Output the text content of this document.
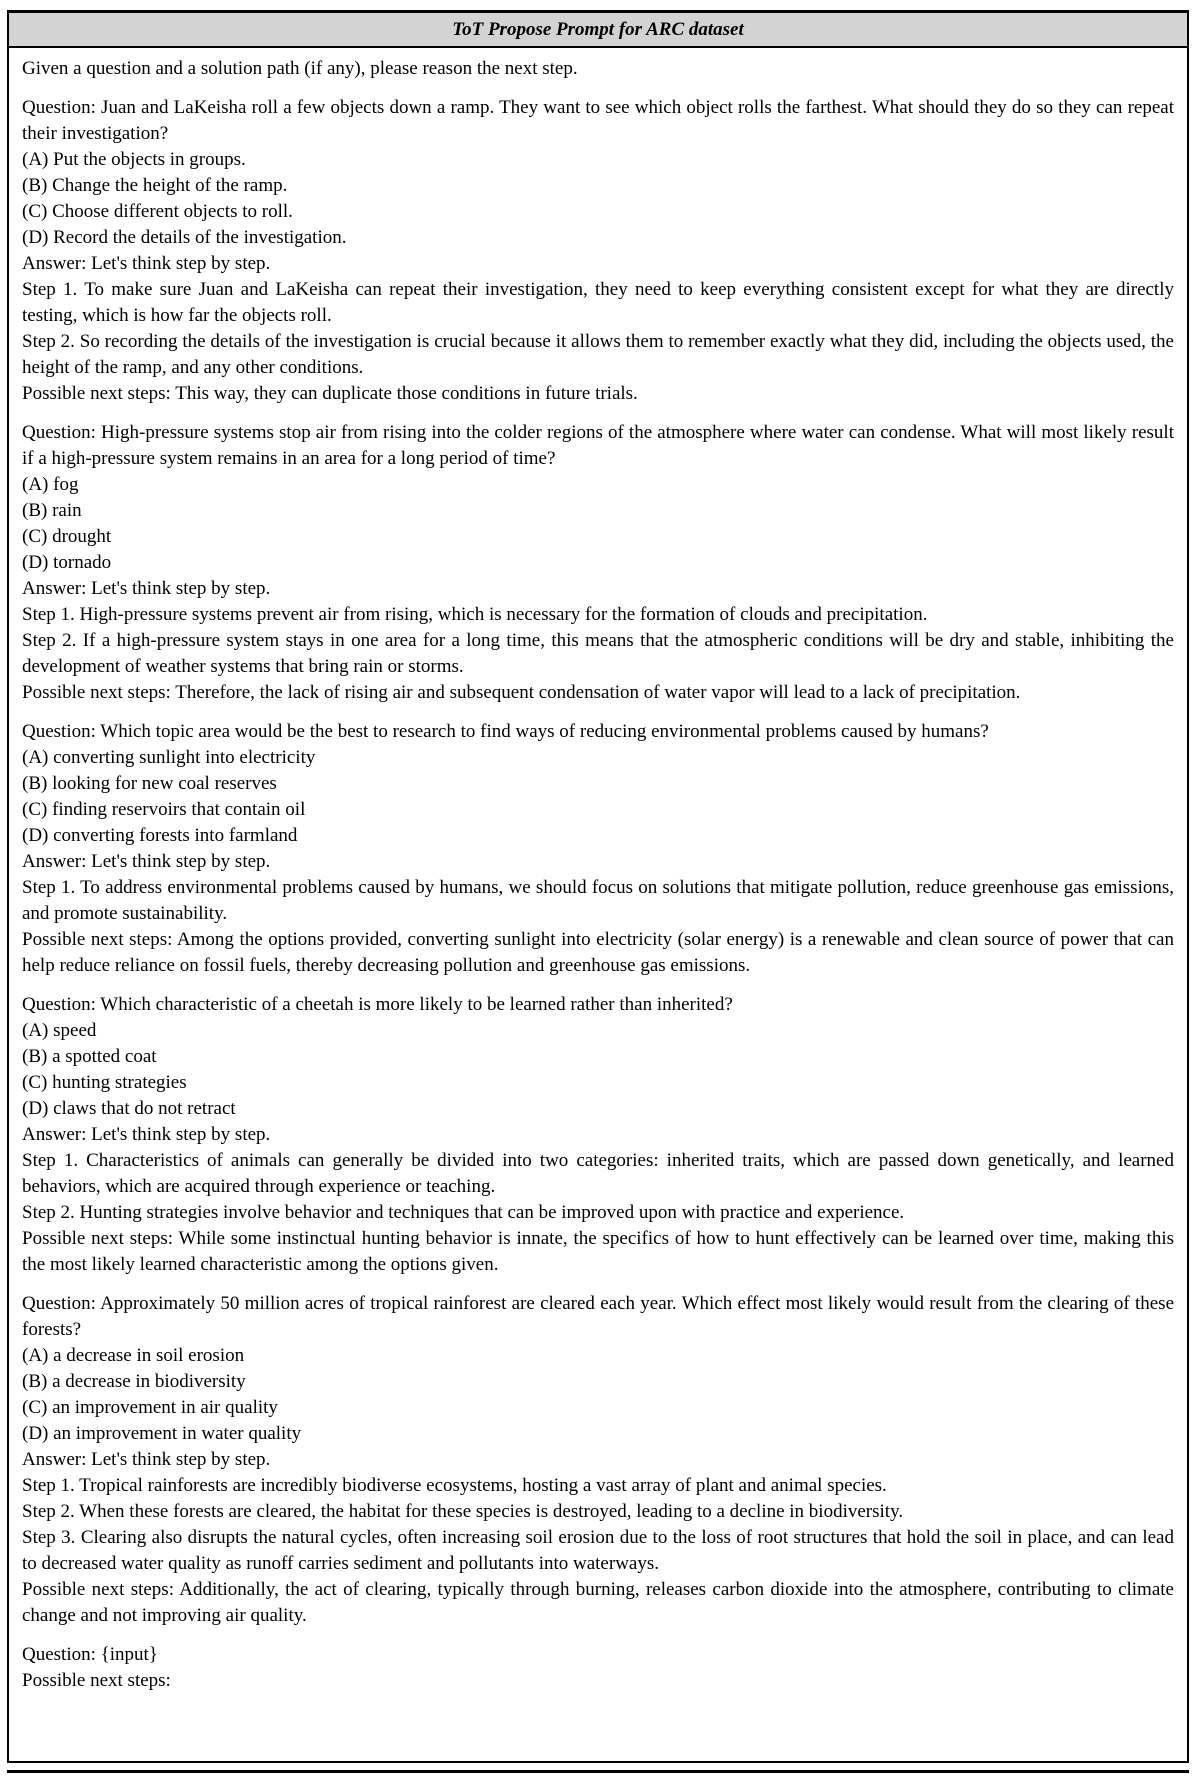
ToT Propose Prompt for ARC dataset
Given a question and a solution path (if any), please reason the next step.
Question: Juan and LaKeisha roll a few objects down a ramp. They want to see which object rolls the farthest. What should they do so they can repeat their investigation?
(A) Put the objects in groups.
(B) Change the height of the ramp.
(C) Choose different objects to roll.
(D) Record the details of the investigation.
Answer: Let's think step by step.
Step 1. To make sure Juan and LaKeisha can repeat their investigation, they need to keep everything consistent except for what they are directly testing, which is how far the objects roll.
Step 2. So recording the details of the investigation is crucial because it allows them to remember exactly what they did, including the objects used, the height of the ramp, and any other conditions.
Possible next steps: This way, they can duplicate those conditions in future trials.
Question: High-pressure systems stop air from rising into the colder regions of the atmosphere where water can condense. What will most likely result if a high-pressure system remains in an area for a long period of time?
(A) fog
(B) rain
(C) drought
(D) tornado
Answer: Let's think step by step.
Step 1. High-pressure systems prevent air from rising, which is necessary for the formation of clouds and precipitation.
Step 2. If a high-pressure system stays in one area for a long time, this means that the atmospheric conditions will be dry and stable, inhibiting the development of weather systems that bring rain or storms.
Possible next steps: Therefore, the lack of rising air and subsequent condensation of water vapor will lead to a lack of precipitation.
Question: Which topic area would be the best to research to find ways of reducing environmental problems caused by humans?
(A) converting sunlight into electricity
(B) looking for new coal reserves
(C) finding reservoirs that contain oil
(D) converting forests into farmland
Answer: Let's think step by step.
Step 1. To address environmental problems caused by humans, we should focus on solutions that mitigate pollution, reduce greenhouse gas emissions, and promote sustainability.
Possible next steps: Among the options provided, converting sunlight into electricity (solar energy) is a renewable and clean source of power that can help reduce reliance on fossil fuels, thereby decreasing pollution and greenhouse gas emissions.
Question: Which characteristic of a cheetah is more likely to be learned rather than inherited?
(A) speed
(B) a spotted coat
(C) hunting strategies
(D) claws that do not retract
Answer: Let's think step by step.
Step 1. Characteristics of animals can generally be divided into two categories: inherited traits, which are passed down genetically, and learned behaviors, which are acquired through experience or teaching.
Step 2. Hunting strategies involve behavior and techniques that can be improved upon with practice and experience.
Possible next steps: While some instinctual hunting behavior is innate, the specifics of how to hunt effectively can be learned over time, making this the most likely learned characteristic among the options given.
Question: Approximately 50 million acres of tropical rainforest are cleared each year. Which effect most likely would result from the clearing of these forests?
(A) a decrease in soil erosion
(B) a decrease in biodiversity
(C) an improvement in air quality
(D) an improvement in water quality
Answer: Let's think step by step.
Step 1. Tropical rainforests are incredibly biodiverse ecosystems, hosting a vast array of plant and animal species.
Step 2. When these forests are cleared, the habitat for these species is destroyed, leading to a decline in biodiversity.
Step 3. Clearing also disrupts the natural cycles, often increasing soil erosion due to the loss of root structures that hold the soil in place, and can lead to decreased water quality as runoff carries sediment and pollutants into waterways.
Possible next steps: Additionally, the act of clearing, typically through burning, releases carbon dioxide into the atmosphere, contributing to climate change and not improving air quality.
Question: {input}
Possible next steps:
